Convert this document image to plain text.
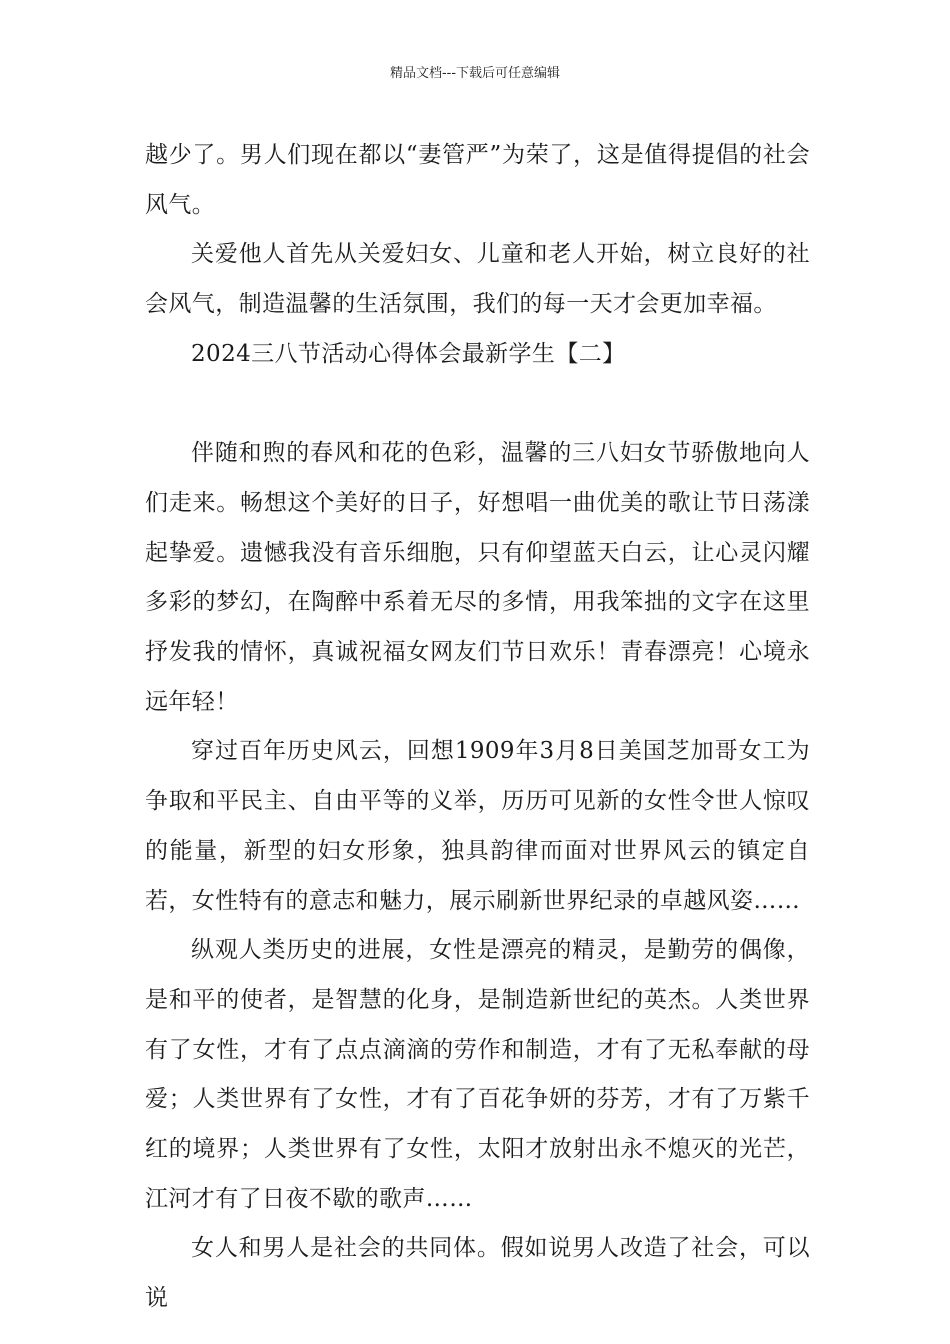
精品文档---下载后可任意编辑

越少了。男人们现在都以“妻管严”为荣了，这是值得提倡的社会风气。

关爱他人首先从关爱妇女、儿童和老人开始，树立良好的社会风气，制造温馨的生活氛围，我们的每一天才会更加幸福。

2024三八节活动心得体会最新学生【二】

伴随和煦的春风和花的色彩，温馨的三八妇女节骄傲地向人们走来。畅想这个美好的日子，好想唱一曲优美的歌让节日荡漾起挚爱。遗憾我没有音乐细胞，只有仰望蓝天白云，让心灵闪耀多彩的梦幻，在陶醉中系着无尽的多情，用我笨拙的文字在这里抒发我的情怀，真诚祝福女网友们节日欢乐！青春漂亮！心境永远年轻！

穿过百年历史风云，回想1909年3月8日美国芝加哥女工为争取和平民主、自由平等的义举，历历可见新的女性令世人惊叹的能量，新型的妇女形象，独具韵律而面对世界风云的镇定自若，女性特有的意志和魅力，展示刷新世界纪录的卓越风姿……

纵观人类历史的进展，女性是漂亮的精灵，是勤劳的偶像，是和平的使者，是智慧的化身，是制造新世纪的英杰。人类世界有了女性，才有了点点滴滴的劳作和制造，才有了无私奉献的母爱；人类世界有了女性，才有了百花争妍的芬芳，才有了万紫千红的境界；人类世界有了女性，太阳才放射出永不熄灭的光芒，江河才有了日夜不歇的歌声……

女人和男人是社会的共同体。假如说男人改造了社会，可以说
